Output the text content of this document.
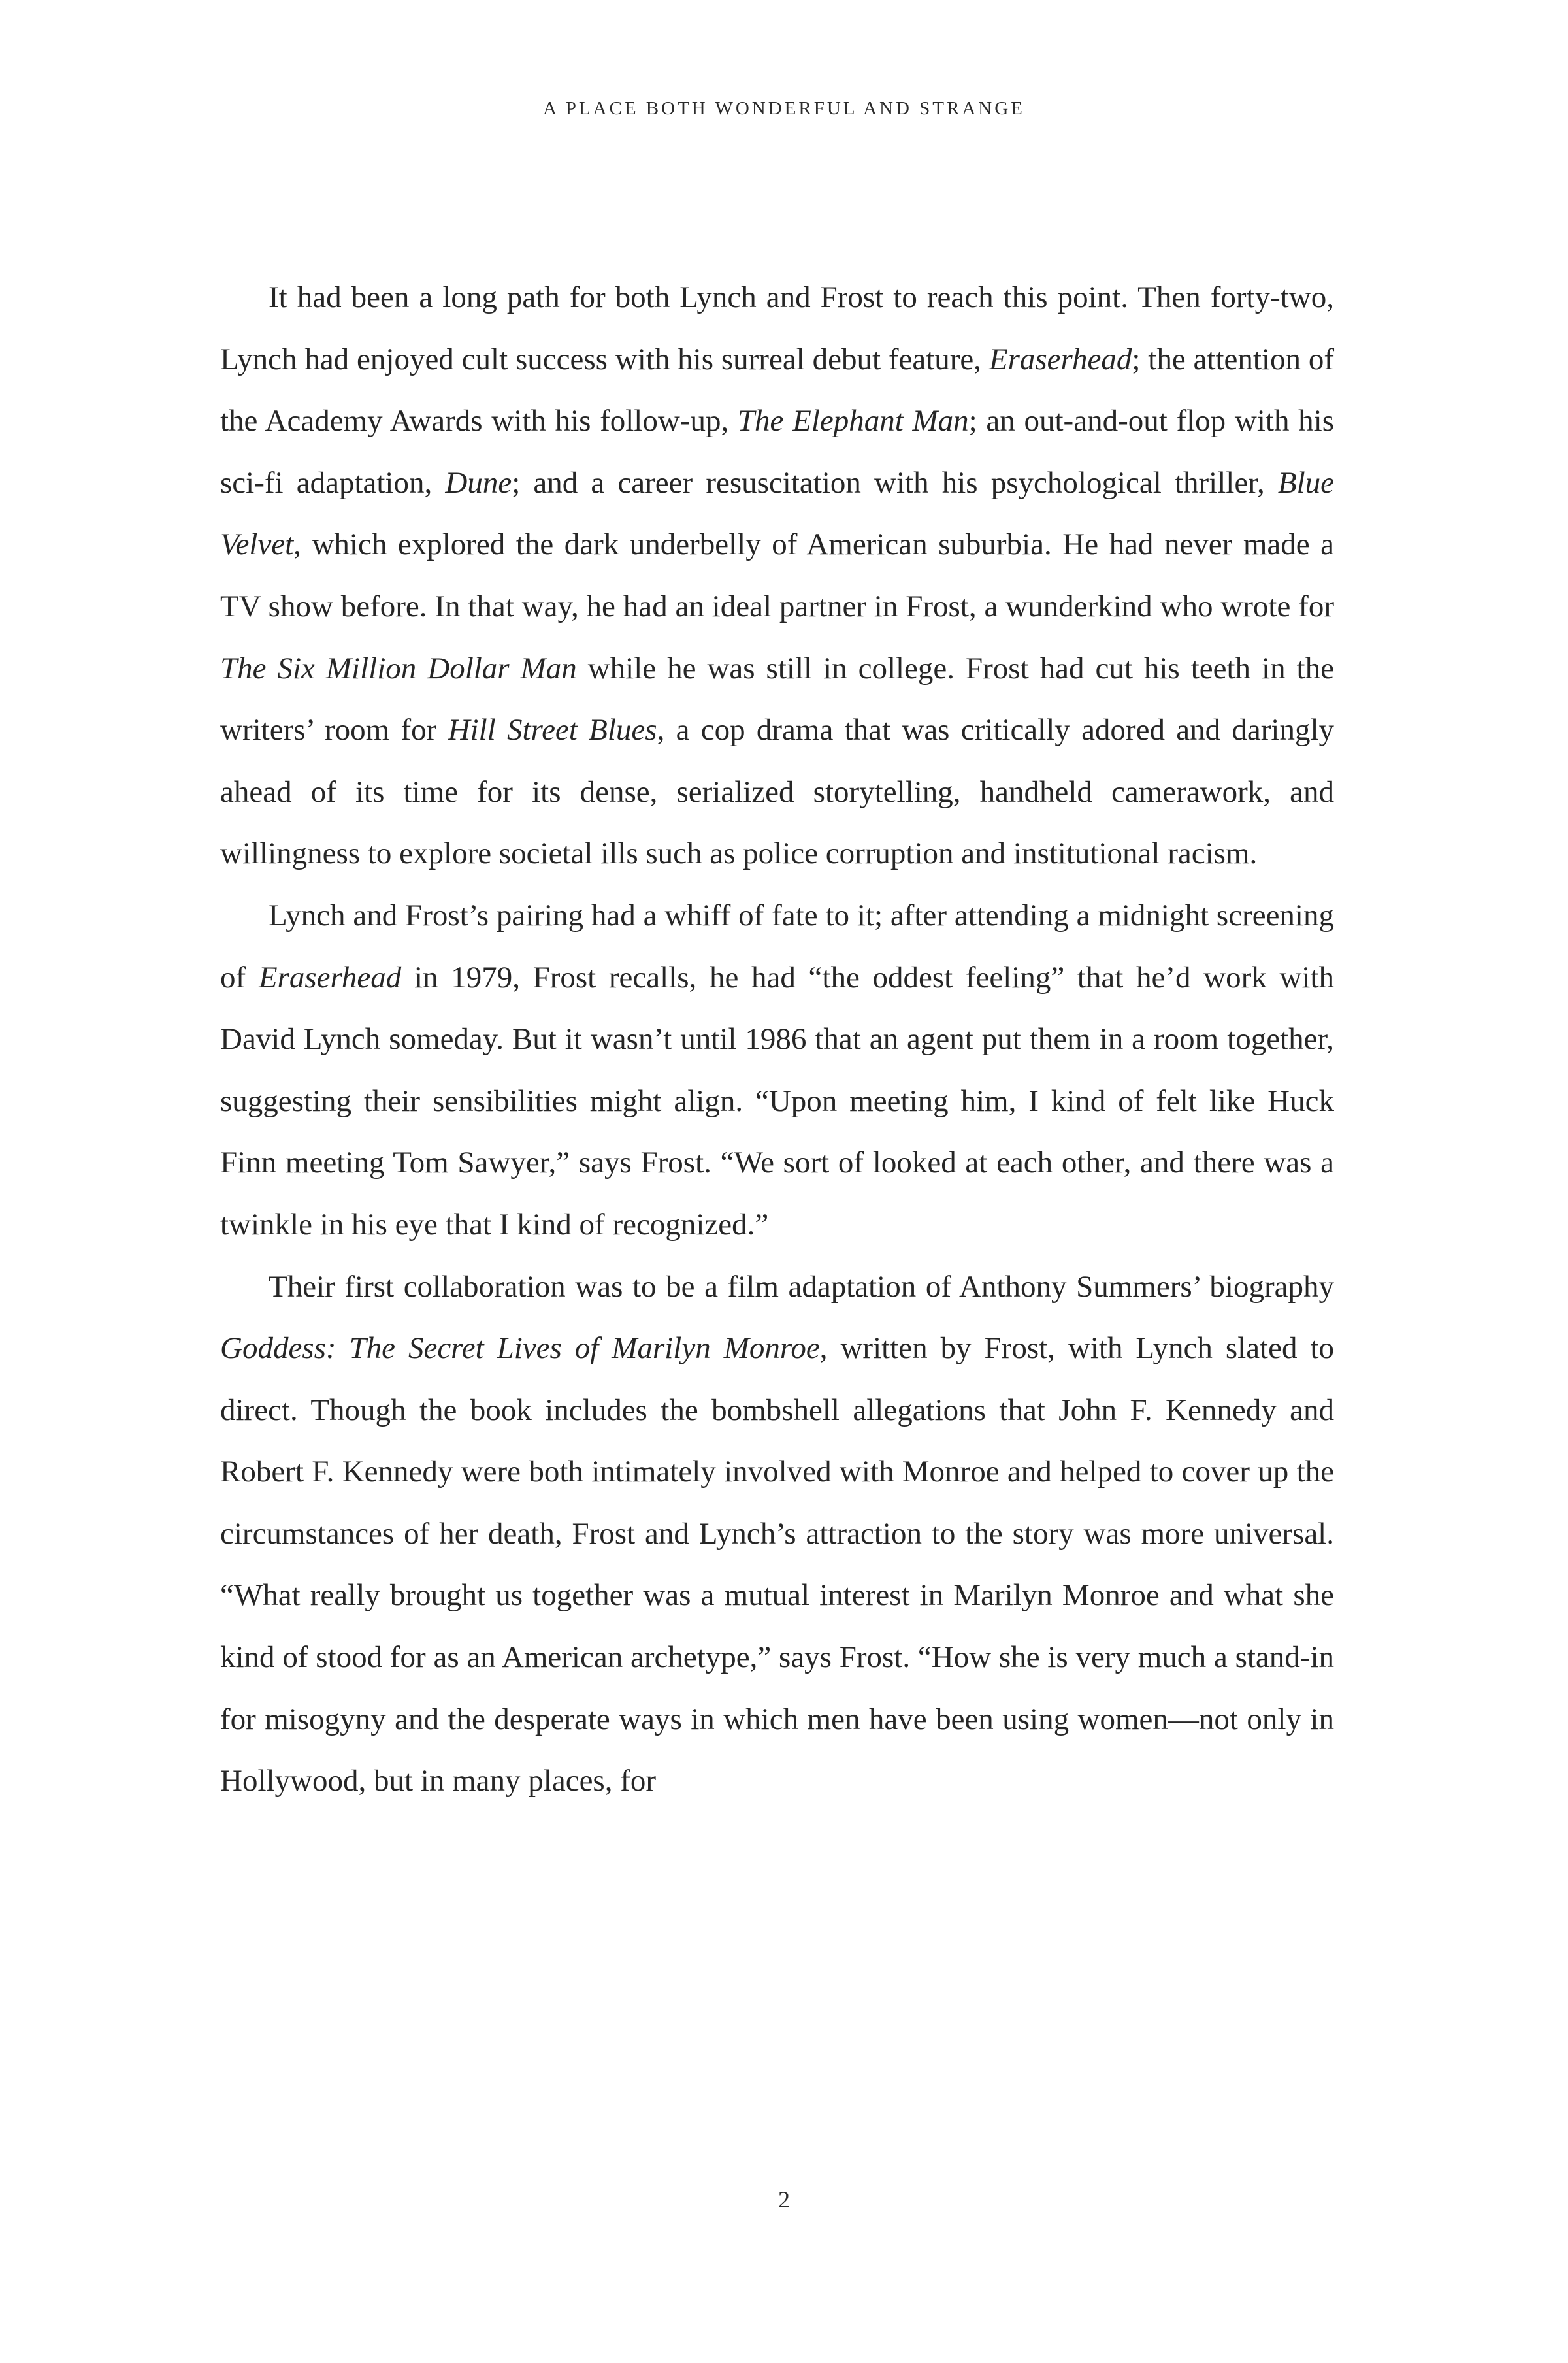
A PLACE BOTH WONDERFUL AND STRANGE

It had been a long path for both Lynch and Frost to reach this point. Then forty-two, Lynch had enjoyed cult success with his surreal debut feature, Eraserhead; the attention of the Academy Awards with his follow-up, The Elephant Man; an out-and-out flop with his sci-fi adaptation, Dune; and a career resuscitation with his psychological thriller, Blue Velvet, which explored the dark underbelly of American suburbia. He had never made a TV show before. In that way, he had an ideal partner in Frost, a wunderkind who wrote for The Six Million Dollar Man while he was still in college. Frost had cut his teeth in the writers’ room for Hill Street Blues, a cop drama that was critically adored and daringly ahead of its time for its dense, serialized storytelling, handheld camerawork, and willingness to explore societal ills such as police corruption and institutional racism.

Lynch and Frost’s pairing had a whiff of fate to it; after attending a midnight screening of Eraserhead in 1979, Frost recalls, he had “the oddest feeling” that he’d work with David Lynch someday. But it wasn’t until 1986 that an agent put them in a room together, suggesting their sensibilities might align. “Upon meeting him, I kind of felt like Huck Finn meeting Tom Sawyer,” says Frost. “We sort of looked at each other, and there was a twinkle in his eye that I kind of recognized.”

Their first collaboration was to be a film adaptation of Anthony Summers’ biography Goddess: The Secret Lives of Marilyn Monroe, written by Frost, with Lynch slated to direct. Though the book includes the bombshell allegations that John F. Kennedy and Robert F. Kennedy were both intimately involved with Monroe and helped to cover up the circumstances of her death, Frost and Lynch’s attraction to the story was more universal. “What really brought us together was a mutual interest in Marilyn Monroe and what she kind of stood for as an American archetype,” says Frost. “How she is very much a stand-in for misogyny and the desperate ways in which men have been using women—not only in Hollywood, but in many places, for

2
